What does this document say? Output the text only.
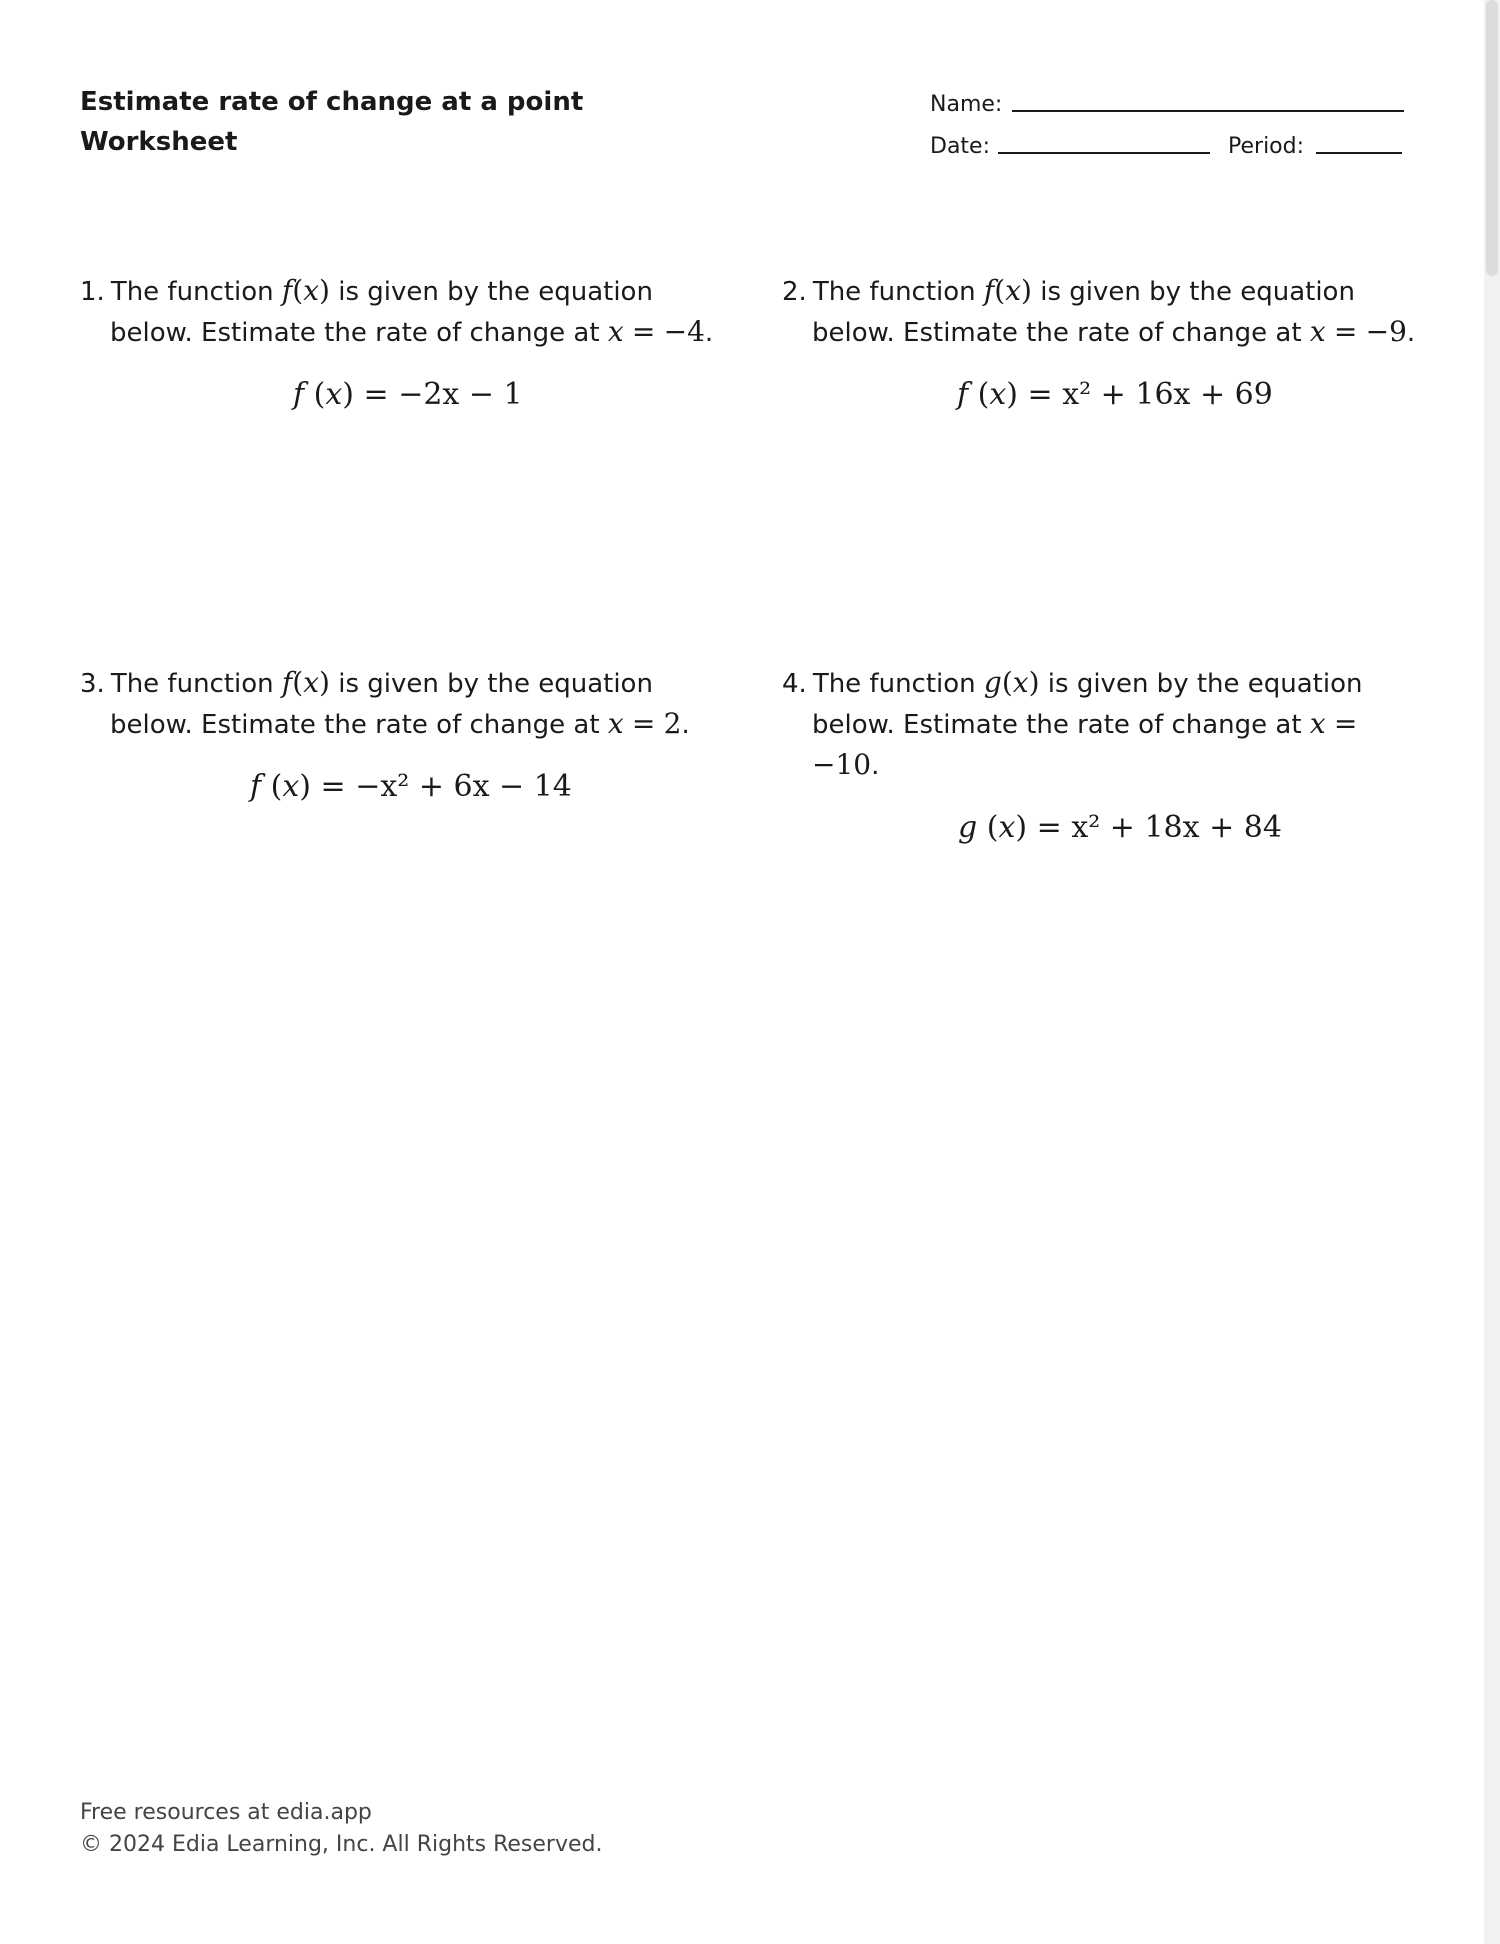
Estimate rate of change at a point
Worksheet
Name:
Date:	Period:
1. The function f(x) is given by the equation below. Estimate the rate of change at x = −4.
f (x) = −2x − 1
2. The function f(x) is given by the equation below. Estimate the rate of change at x = −9.
f (x) = x² + 16x + 69
3. The function f(x) is given by the equation below. Estimate the rate of change at x = 2.
f (x) = −x² + 6x − 14
4. The function g(x) is given by the equation below. Estimate the rate of change at x = −10.
g (x) = x² + 18x + 84
Free resources at edia.app
© 2024 Edia Learning, Inc. All Rights Reserved.
